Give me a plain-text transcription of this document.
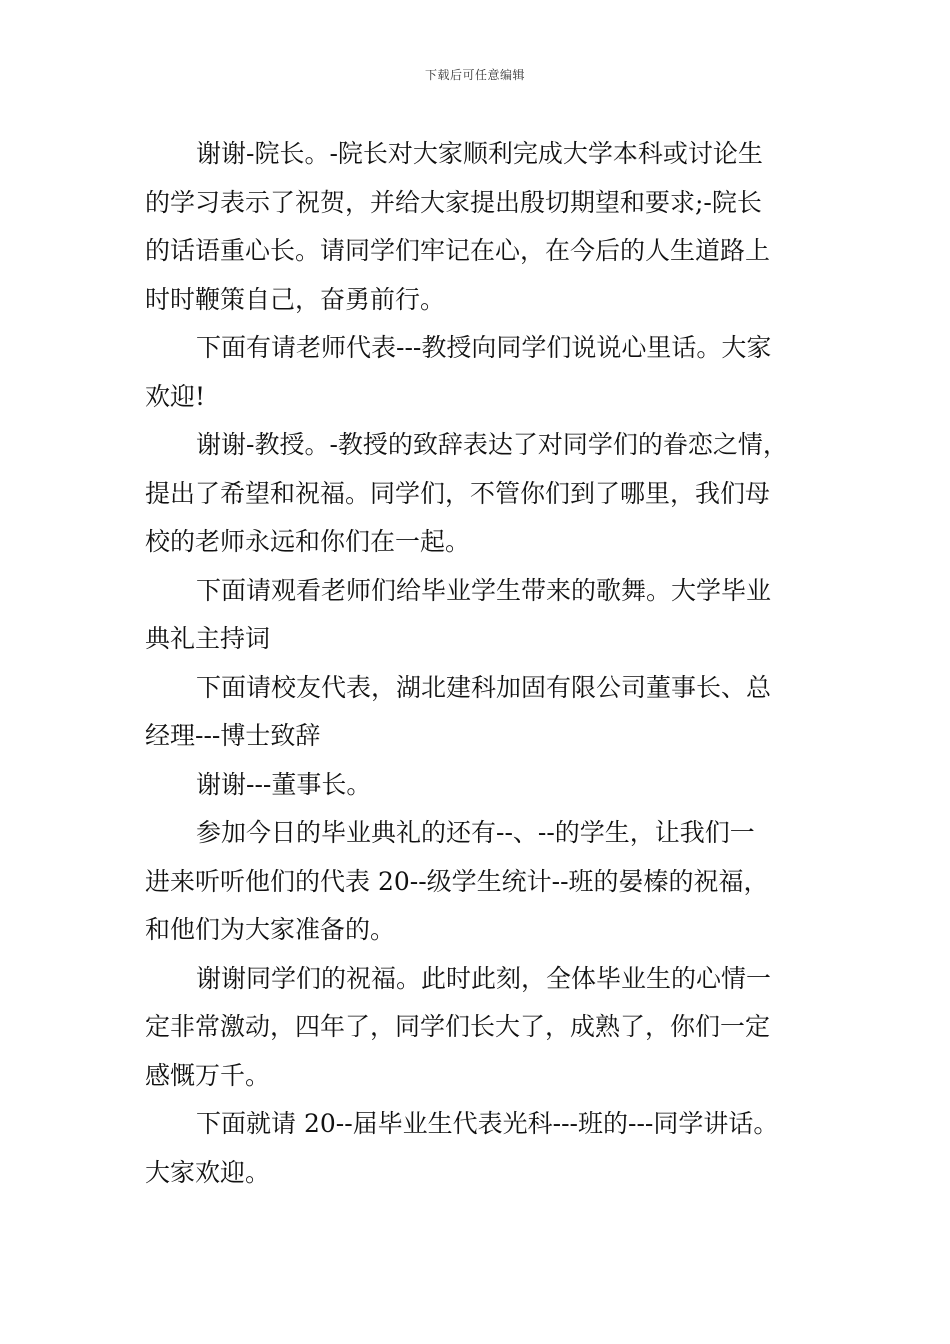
下载后可任意编辑

谢谢-院长。-院长对大家顺利完成大学本科或讨论生
的学习表示了祝贺，并给大家提出殷切期望和要求;-院长
的话语重心长。请同学们牢记在心，在今后的人生道路上
时时鞭策自己，奋勇前行。

下面有请老师代表---教授向同学们说说心里话。大家
欢迎!

谢谢-教授。-教授的致辞表达了对同学们的眷恋之情，
提出了希望和祝福。同学们，不管你们到了哪里，我们母
校的老师永远和你们在一起。

下面请观看老师们给毕业学生带来的歌舞。大学毕业
典礼主持词

下面请校友代表，湖北建科加固有限公司董事长、总
经理---博士致辞

谢谢---董事长。

参加今日的毕业典礼的还有--、--的学生，让我们一
进来听听他们的代表 20--级学生统计--班的晏榛的祝福，
和他们为大家准备的。

谢谢同学们的祝福。此时此刻，全体毕业生的心情一
定非常激动，四年了，同学们长大了，成熟了，你们一定
感慨万千。

下面就请 20--届毕业生代表光科---班的---同学讲话。
大家欢迎。
